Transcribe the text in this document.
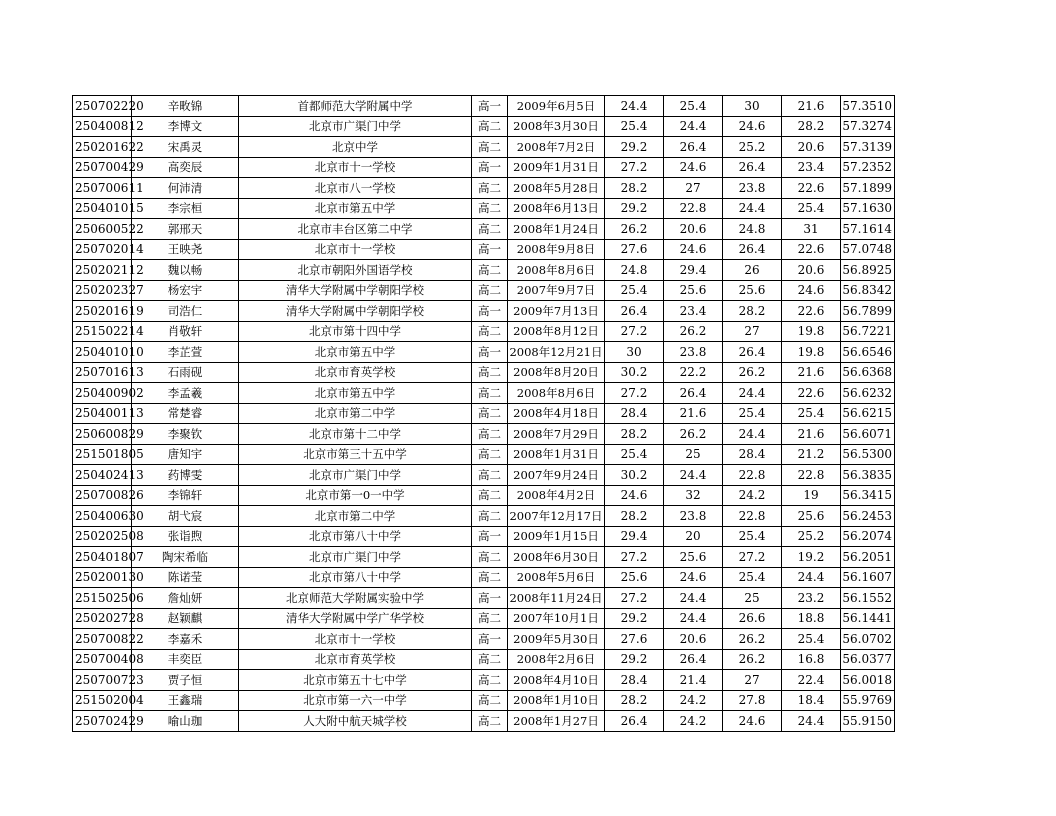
250702220	辛畋锦	首都师范大学附属中学	高一	2009年6月5日	24.4	25.4	30	21.6	57.3510
250400812	李博文	北京市广渠门中学	高二	2008年3月30日	25.4	24.4	24.6	28.2	57.3274
250201622	宋禹灵	北京中学	高二	2008年7月2日	29.2	26.4	25.2	20.6	57.3139
250700429	高奕辰	北京市十一学校	高一	2009年1月31日	27.2	24.6	26.4	23.4	57.2352
250700611	何沛清	北京市八一学校	高二	2008年5月28日	28.2	27	23.8	22.6	57.1899
250401015	李宗桓	北京市第五中学	高二	2008年6月13日	29.2	22.8	24.4	25.4	57.1630
250600522	郭邢天	北京市丰台区第二中学	高二	2008年1月24日	26.2	20.6	24.8	31	57.1614
250702014	王映尧	北京市十一学校	高一	2008年9月8日	27.6	24.6	26.4	22.6	57.0748
250202112	魏以畅	北京市朝阳外国语学校	高二	2008年8月6日	24.8	29.4	26	20.6	56.8925
250202327	杨宏宇	清华大学附属中学朝阳学校	高二	2007年9月7日	25.4	25.6	25.6	24.6	56.8342
250201619	司浩仁	清华大学附属中学朝阳学校	高一	2009年7月13日	26.4	23.4	28.2	22.6	56.7899
251502214	肖敬轩	北京市第十四中学	高二	2008年8月12日	27.2	26.2	27	19.8	56.7221
250401010	李芷萱	北京市第五中学	高一	2008年12月21日	30	23.8	26.4	19.8	56.6546
250701613	石雨砚	北京市育英学校	高二	2008年8月20日	30.2	22.2	26.2	21.6	56.6368
250400902	李孟羲	北京市第五中学	高二	2008年8月6日	27.2	26.4	24.4	22.6	56.6232
250400113	常楚睿	北京市第二中学	高二	2008年4月18日	28.4	21.6	25.4	25.4	56.6215
250600829	李聚钦	北京市第十二中学	高二	2008年7月29日	28.2	26.2	24.4	21.6	56.6071
251501805	唐知宇	北京市第三十五中学	高二	2008年1月31日	25.4	25	28.4	21.2	56.5300
250402413	药博雯	北京市广渠门中学	高二	2007年9月24日	30.2	24.4	22.8	22.8	56.3835
250700826	李锦轩	北京市第一0一中学	高二	2008年4月2日	24.6	32	24.2	19	56.3415
250400630	胡弋宸	北京市第二中学	高二	2007年12月17日	28.2	23.8	22.8	25.6	56.2453
250202508	张诣煦	北京市第八十中学	高一	2009年1月15日	29.4	20	25.4	25.2	56.2074
250401807	陶宋希临	北京市广渠门中学	高二	2008年6月30日	27.2	25.6	27.2	19.2	56.2051
250200130	陈诺莹	北京市第八十中学	高二	2008年5月6日	25.6	24.6	25.4	24.4	56.1607
251502506	詹灿妍	北京师范大学附属实验中学	高一	2008年11月24日	27.2	24.4	25	23.2	56.1552
250202728	赵颖麒	清华大学附属中学广华学校	高二	2007年10月1日	29.2	24.4	26.6	18.8	56.1441
250700822	李嘉禾	北京市十一学校	高一	2009年5月30日	27.6	20.6	26.2	25.4	56.0702
250700408	丰奕臣	北京市育英学校	高二	2008年2月6日	29.2	26.4	26.2	16.8	56.0377
250700723	贾子恒	北京市第五十七中学	高二	2008年4月10日	28.4	21.4	27	22.4	56.0018
251502004	王鑫瑞	北京市第一六一中学	高二	2008年1月10日	28.2	24.2	27.8	18.4	55.9769
250702429	喻山珈	人大附中航天城学校	高二	2008年1月27日	26.4	24.2	24.6	24.4	55.9150
